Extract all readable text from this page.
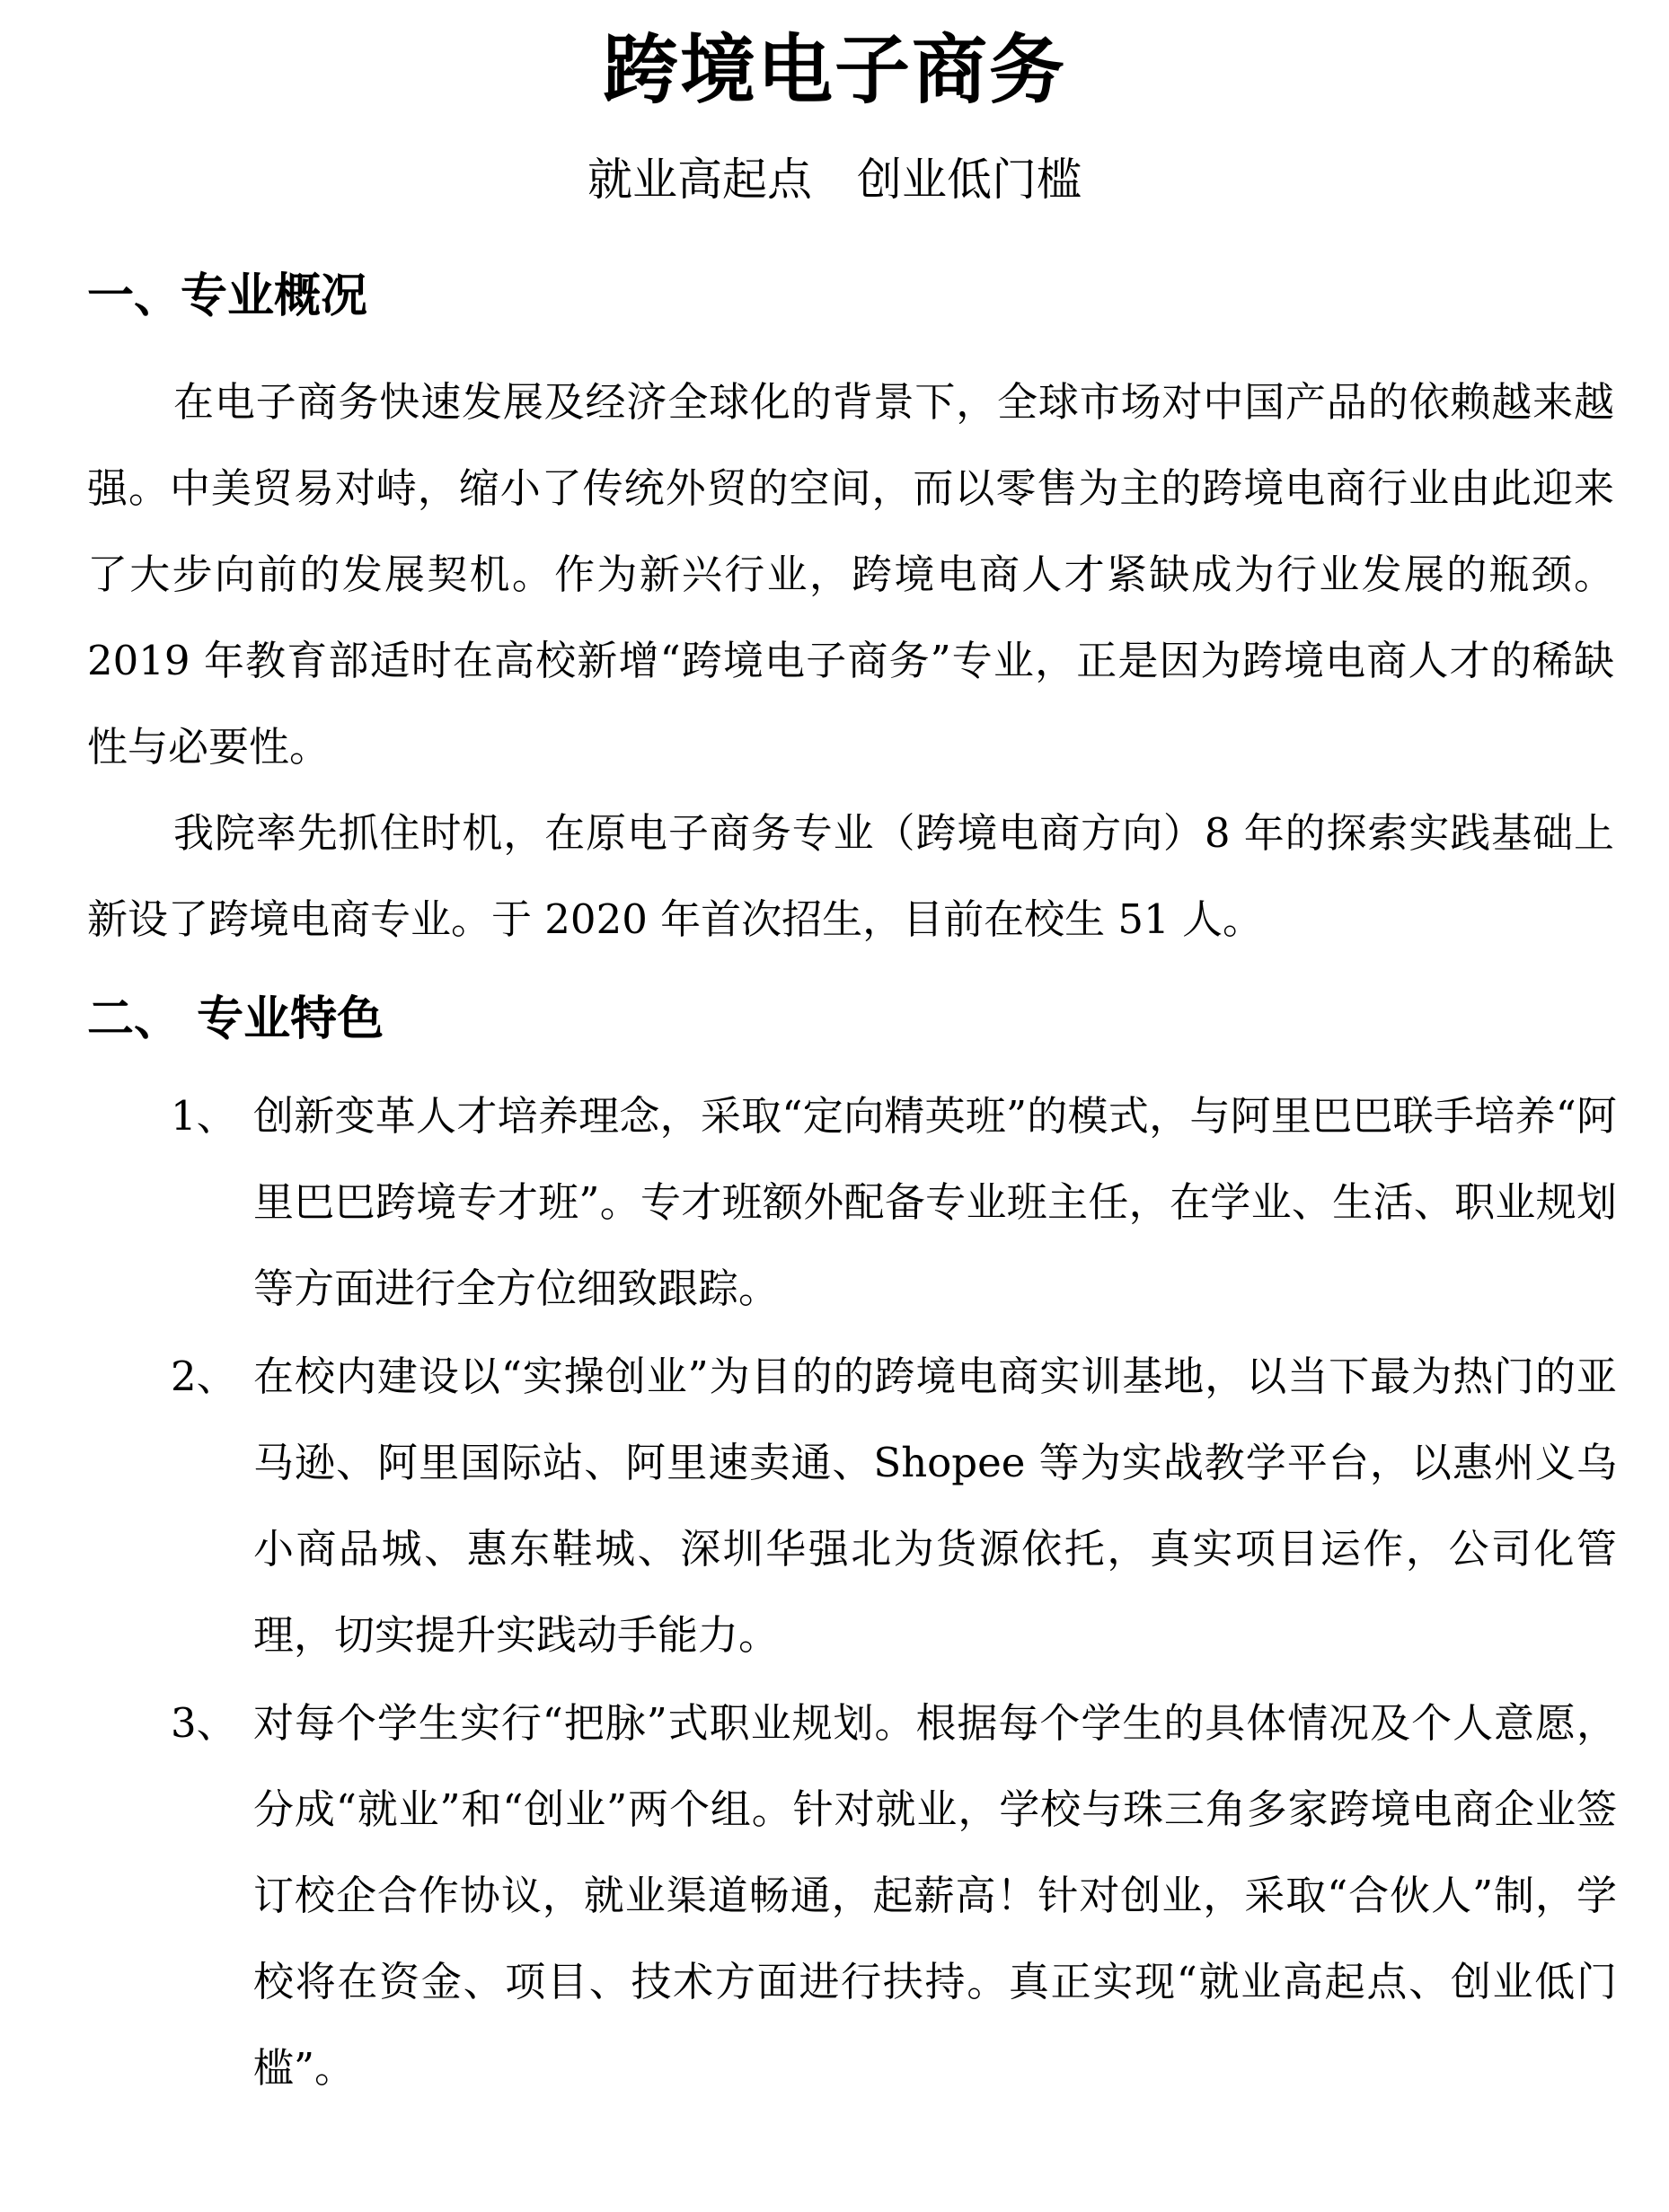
跨境电子商务
就业高起点　创业低门槛
一、专业概况

在电子商务快速发展及经济全球化的背景下，全球市场对中国产品的依赖越来越强。中美贸易对峙，缩小了传统外贸的空间，而以零售为主的跨境电商行业由此迎来了大步向前的发展契机。作为新兴行业，跨境电商人才紧缺成为行业发展的瓶颈。2019 年教育部适时在高校新增“跨境电子商务”专业，正是因为跨境电商人才的稀缺性与必要性。

我院率先抓住时机，在原电子商务专业（跨境电商方向）8 年的探索实践基础上新设了跨境电商专业。于 2020 年首次招生，目前在校生 51 人。

二、 专业特色
1、 创新变革人才培养理念，采取“定向精英班”的模式，与阿里巴巴联手培养“阿里巴巴跨境专才班”。专才班额外配备专业班主任，在学业、生活、职业规划等方面进行全方位细致跟踪。
2、 在校内建设以“实操创业”为目的的跨境电商实训基地，以当下最为热门的亚马逊、阿里国际站、阿里速卖通、Shopee 等为实战教学平台，以惠州义乌小商品城、惠东鞋城、深圳华强北为货源依托，真实项目运作，公司化管理，切实提升实践动手能力。
3、 对每个学生实行“把脉”式职业规划。根据每个学生的具体情况及个人意愿，分成“就业”和“创业”两个组。针对就业，学校与珠三角多家跨境电商企业签订校企合作协议，就业渠道畅通，起薪高！针对创业，采取“合伙人”制，学校将在资金、项目、技术方面进行扶持。真正实现“就业高起点、创业低门槛”。
